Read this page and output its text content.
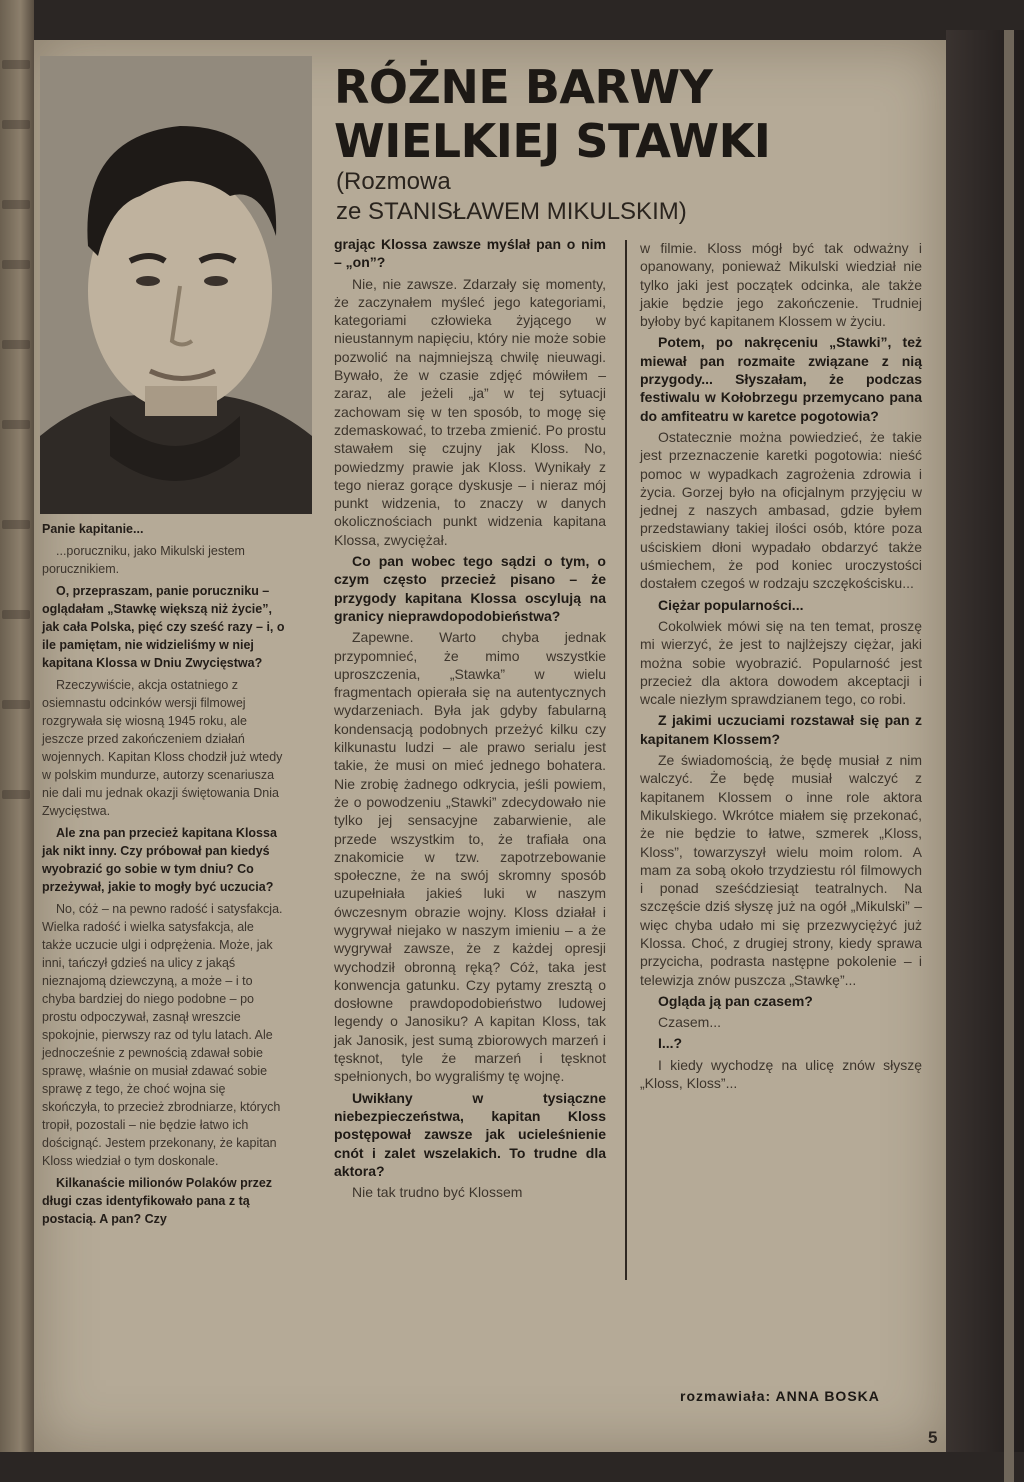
RÓŻNE BARWY
WIELKIEJ STAWKI
(Rozmowa
ze STANISŁAWEM MIKULSKIM)

Panie kapitanie...

...poruczniku, jako Mikulski jestem porucznikiem.

O, przepraszam, panie poruczniku – oglądałam „Stawkę większą niż życie”, jak cała Polska, pięć czy sześć razy – i, o ile pamiętam, nie widzieliśmy w niej kapitana Klossa w Dniu Zwycięstwa?

Rzeczywiście, akcja ostatniego z osiemnastu odcinków wersji filmowej rozgrywała się wiosną 1945 roku, ale jeszcze przed zakończeniem działań wojennych. Kapitan Kloss chodził już wtedy w polskim mundurze, autorzy scenariusza nie dali mu jednak okazji świętowania Dnia Zwycięstwa.

Ale zna pan przecież kapitana Klossa jak nikt inny. Czy próbował pan kiedyś wyobrazić go sobie w tym dniu? Co przeżywał, jakie to mogły być uczucia?

No, cóż – na pewno radość i satysfakcja. Wielka radość i wielka satysfakcja, ale także uczucie ulgi i odprężenia. Może, jak inni, tańczył gdzieś na ulicy z jakąś nieznajomą dziewczyną, a może – i to chyba bardziej do niego podobne – po prostu odpoczywał, zasnął wreszcie spokojnie, pierwszy raz od tylu latach. Ale jednocześnie z pewnością zdawał sobie sprawę, właśnie on musiał zdawać sobie sprawę z tego, że choć wojna się skończyła, to przecież zbrodniarze, których tropił, pozostali – nie będzie łatwo ich doścignąć. Jestem przekonany, że kapitan Kloss wiedział o tym doskonale.

Kilkanaście milionów Polaków przez długi czas identyfikowało pana z tą postacią. A pan? Czy

grając Klossa zawsze myślał pan o nim – „on”?

Nie, nie zawsze. Zdarzały się momenty, że zaczynałem myśleć jego kategoriami, kategoriami człowieka żyjącego w nieustannym napięciu, który nie może sobie pozwolić na najmniejszą chwilę nieuwagi. Bywało, że w czasie zdjęć mówiłem – zaraz, ale jeżeli „ja” w tej sytuacji zachowam się w ten sposób, to mogę się zdemaskować, to trzeba zmienić. Po prostu stawałem się czujny jak Kloss. No, powiedzmy prawie jak Kloss. Wynikały z tego nieraz gorące dyskusje – i nieraz mój punkt widzenia, to znaczy w danych okolicznościach punkt widzenia kapitana Klossa, zwyciężał.

Co pan wobec tego sądzi o tym, o czym często przecież pisano – że przygody kapitana Klossa oscylują na granicy nieprawdopodobieństwa?

Zapewne. Warto chyba jednak przypomnieć, że mimo wszystkie uproszczenia, „Stawka” w wielu fragmentach opierała się na autentycznych wydarzeniach. Była jak gdyby fabularną kondensacją podobnych przeżyć kilku czy kilkunastu ludzi – ale prawo serialu jest takie, że musi on mieć jednego bohatera. Nie zrobię żadnego odkrycia, jeśli powiem, że o powodzeniu „Stawki” zdecydowało nie tylko jej sensacyjne zabarwienie, ale przede wszystkim to, że trafiała ona znakomicie w tzw. zapotrzebowanie społeczne, że na swój skromny sposób uzupełniała jakieś luki w naszym ówczesnym obrazie wojny. Kloss działał i wygrywał niejako w naszym imieniu – a że wygrywał zawsze, że z każdej opresji wychodził obronną ręką? Cóż, taka jest konwencja gatunku. Czy pytamy zresztą o dosłowne prawdopodobieństwo ludowej legendy o Janosiku? A kapitan Kloss, tak jak Janosik, jest sumą zbiorowych marzeń i tęsknot, tyle że marzeń i tęsknot spełnionych, bo wygraliśmy tę wojnę.

Uwikłany w tysiączne niebezpieczeństwa, kapitan Kloss postępował zawsze jak ucieleśnienie cnót i zalet wszelakich. To trudne dla aktora?

Nie tak trudno być Klossem

w filmie. Kloss mógł być tak odważny i opanowany, ponieważ Mikulski wiedział nie tylko jaki jest początek odcinka, ale także jakie będzie jego zakończenie. Trudniej byłoby być kapitanem Klossem w życiu.

Potem, po nakręceniu „Stawki”, też miewał pan rozmaite związane z nią przygody... Słyszałam, że podczas festiwalu w Kołobrzegu przemycano pana do amfiteatru w karetce pogotowia?

Ostatecznie można powiedzieć, że takie jest przeznaczenie karetki pogotowia: nieść pomoc w wypadkach zagrożenia zdrowia i życia. Gorzej było na oficjalnym przyjęciu w jednej z naszych ambasad, gdzie byłem przedstawiany takiej ilości osób, które poza uściskiem dłoni wypadało obdarzyć także uśmiechem, że pod koniec uroczystości dostałem czegoś w rodzaju szczękościsku...

Ciężar popularności...

Cokolwiek mówi się na ten temat, proszę mi wierzyć, że jest to najlżejszy ciężar, jaki można sobie wyobrazić. Popularność jest przecież dla aktora dowodem akceptacji i wcale niezłym sprawdzianem tego, co robi.

Z jakimi uczuciami rozstawał się pan z kapitanem Klossem?

Ze świadomością, że będę musiał z nim walczyć. Że będę musiał walczyć z kapitanem Klossem o inne role aktora Mikulskiego. Wkrótce miałem się przekonać, że nie będzie to łatwe, szmerek „Kloss, Kloss”, towarzyszył wielu moim rolom. A mam za sobą około trzydziestu ról filmowych i ponad sześćdziesiąt teatralnych. Na szczęście dziś słyszę już na ogół „Mikulski” – więc chyba udało mi się przezwyciężyć już Klossa. Choć, z drugiej strony, kiedy sprawa przycicha, podrasta następne pokolenie – i telewizja znów puszcza „Stawkę”...

Ogląda ją pan czasem?

Czasem...

I...?

I kiedy wychodzę na ulicę znów słyszę „Kloss, Kloss”...

rozmawiała: ANNA BOSKA
5
